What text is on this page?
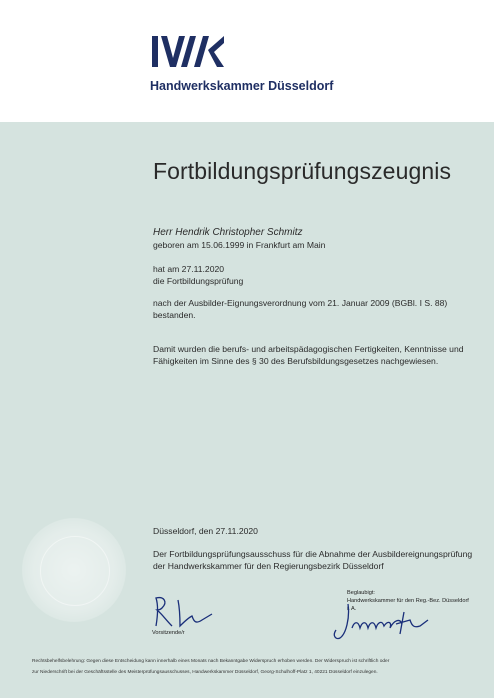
Handwerkskammer Düsseldorf
Fortbildungsprüfungszeugnis
Herr Hendrik Christopher Schmitz
geboren am 15.06.1999 in Frankfurt am Main
hat am 27.11.2020
die Fortbildungsprüfung
nach der Ausbilder-Eignungsverordnung vom 21. Januar 2009 (BGBl. I S. 88)
bestanden.
Damit wurden die berufs- und arbeitspädagogischen Fertigkeiten, Kenntnisse und
Fähigkeiten im Sinne des § 30 des Berufsbildungsgesetzes nachgewiesen.
Düsseldorf, den 27.11.2020
Der Fortbildungsprüfungsausschuss für die Abnahme der Ausbildereignungsprüfung
der Handwerkskammer für den Regierungsbezirk Düsseldorf
Beglaubigt:
Handwerkskammer für den Reg.-Bez. Düsseldorf
i. A.
Vorsitzende/r
Rechtsbehelfsbelehrung: Gegen diese Entscheidung kann innerhalb eines Monats nach Bekanntgabe Widerspruch erhoben werden. Der Widerspruch ist schriftlich oder
zur Niederschrift bei der Geschäftsstelle des Meisterprüfungsausschusses, Handwerkskammer Düsseldorf, Georg-Schulhoff-Platz 1, 40221 Düsseldorf einzulegen.
